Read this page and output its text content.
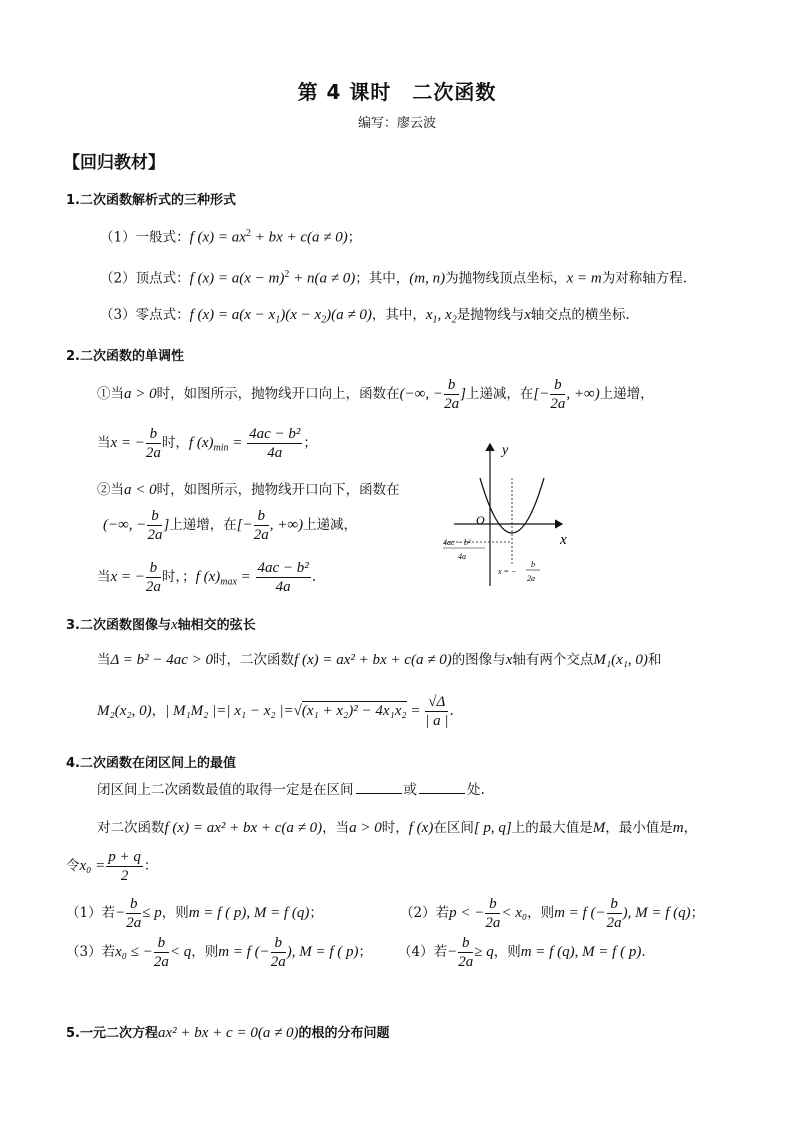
第 4 课时　二次函数
编写：廖云波
【回归教材】
1.二次函数解析式的三种形式
（1）一般式：f $(x) = ax^2$ + bx + c(a ≠ 0)；
（2）顶点式：f $(x) = a(x - m)^2 + n(a \ne 0)$；其中，(m, n)为抛物线顶点坐标，x = m为对称轴方程.
（3）零点式：f $(x) = a(x - x_1)(x - x_2)(a \ne 0)$，其中，$x_1$, $x_2$是抛物线与x轴交点的横坐标.
2.二次函数的单调性
①当a > 0时，如图所示，抛物线开口向上，函数在(−∞, − $\frac{b}{2a}$ ]上递减，在[− $\frac{b}{2a}$ , +∞)上递增，
当x = − $\frac{b}{2a}$ 时，f $(x)_{min} = \frac{\text{4ac − b²}}{4a}$ ；
②当a < 0时，如图所示，抛物线开口向下，函数在
(−∞, − $\frac{b}{2a}$ ]上递增，在[− $\frac{b}{2a}$ , +∞)上递减，
当x = − $\frac{b}{2a}$ 时，；f $(x)_{max} = \frac{\text{4ac − b²}}{4a}$ .
y
x
O
4ac − b²
4a
x = −
b
2a
3.二次函数图像与x轴相交的弦长
当Δ = b² − 4ac > 0时，二次函数f (x) = ax² + bx + c(a ≠ 0)的图像与x轴有两个交点M₁(x₁, 0)和
M₂(x₂, 0)，| M₁M₂ |=| x₁ − x₂ $|=√(x_1 + x_2)^2 - 4x_1x_2 = \frac{√\Delta}{| a |}$ .
4.二次函数在闭区间上的最值
闭区间上二次函数最值的取得一定是在区间	或	处.
对二次函数f (x) = ax² + bx + c(a ≠ 0)，当a > 0时，f (x)在区间[ p, q]上的最大值是M，最小值是m，
令$x_0 = \frac{p + q}{2}$ ：
（1）若− $\frac{b}{2a} \le p$，则m = f ( p), M = f (q)；	（2）若p < − $\frac{b}{2a} < x_0$，则m = f (− $\frac{b}{2a}$ ), M = f (q)；
（3）若x₀ ≤ − $\frac{b}{2a} < q$，则m = f (− $\frac{b}{2a}$ ), M = f ( p)； （4）若− $\frac{b}{2a} \ge q$，则m = f (q), M = f ( p).
5.一元二次方程ax² + bx + c = 0(a ≠ 0)的根的分布问题
